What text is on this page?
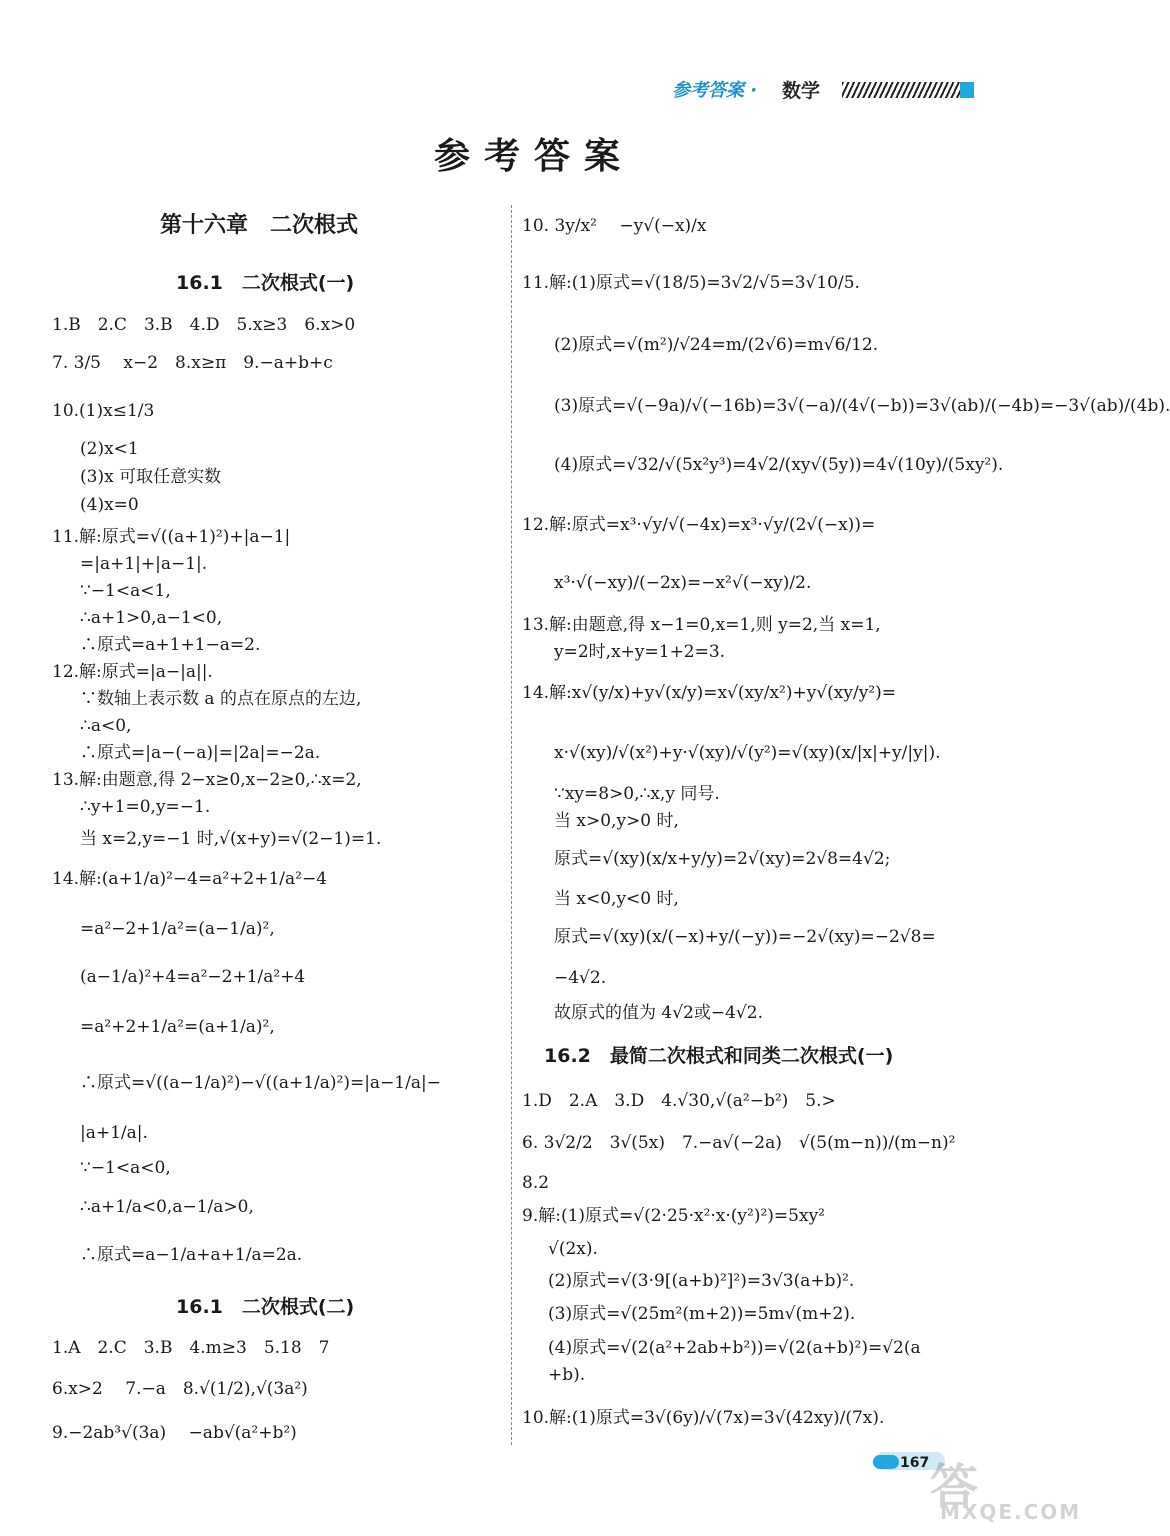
参考答案 · 数学
参考答案
第十六章　二次根式
16.1　二次根式(一)
1.B　2.C　3.B　4.D　5.x≥3　6.x>0
7. 3/5　 x−2　8.x≥π　9.−a+b+c
10.(1)x≤1/3
(2)x<1
(3)x 可取任意实数
(4)x=0
11.解:原式=√((a+1)²)+|a−1|
=|a+1|+|a−1|.
∵−1<a<1,
∴a+1>0,a−1<0,
∴原式=a+1+1−a=2.
12.解:原式=|a−|a||.
∵数轴上表示数 a 的点在原点的左边,
∴a<0,
∴原式=|a−(−a)|=|2a|=−2a.
13.解:由题意,得 2−x≥0,x−2≥0,∴x=2,
∴y+1=0,y=−1.
当 x=2,y=−1 时,√(x+y)=√(2−1)=1.
14.解:(a+1/a)²−4=a²+2+1/a²−4
=a²−2+1/a²=(a−1/a)²,
(a−1/a)²+4=a²−2+1/a²+4
=a²+2+1/a²=(a+1/a)²,
∴原式=√((a−1/a)²)−√((a+1/a)²)=|a−1/a|−
|a+1/a|.
∵−1<a<0,
∴a+1/a<0,a−1/a>0,
∴原式=a−1/a+a+1/a=2a.
16.1　二次根式(二)
1.A　2.C　3.B　4.m≥3　5.18　7
6.x>2　 7.−a　8.√(1/2),√(3a²)
9.−2ab³√(3a)　 −ab√(a²+b²)
10. 3y/x²　 −y√(−x)/x
11.解:(1)原式=√(18/5)=3√2/√5=3√10/5.
(2)原式=√(m²)/√24=m/(2√6)=m√6/12.
(3)原式=√(−9a)/√(−16b)=3√(−a)/(4√(−b))=3√(ab)/(−4b)=−3√(ab)/(4b).
(4)原式=√32/√(5x²y³)=4√2/(xy√(5y))=4√(10y)/(5xy²).
12.解:原式=x³·√y/√(−4x)=x³·√y/(2√(−x))=
x³·√(−xy)/(−2x)=−x²√(−xy)/2.
13.解:由题意,得 x−1=0,x=1,则 y=2,当 x=1,
y=2时,x+y=1+2=3.
14.解:x√(y/x)+y√(x/y)=x√(xy/x²)+y√(xy/y²)=
x·√(xy)/√(x²)+y·√(xy)/√(y²)=√(xy)(x/|x|+y/|y|).
∵xy=8>0,∴x,y 同号.
当 x>0,y>0 时,
原式=√(xy)(x/x+y/y)=2√(xy)=2√8=4√2;
当 x<0,y<0 时,
原式=√(xy)(x/(−x)+y/(−y))=−2√(xy)=−2√8=
−4√2.
故原式的值为 4√2或−4√2.
16.2　最简二次根式和同类二次根式(一)
1.D　2.A　3.D　4.√30,√(a²−b²)　5.>
6. 3√2/2　3√(5x)　7.−a√(−2a)　√(5(m−n))/(m−n)²
8.2
9.解:(1)原式=√(2·25·x²·x·(y²)²)=5xy²
√(2x).
(2)原式=√(3·9[(a+b)²]²)=3√3(a+b)².
(3)原式=√(25m²(m+2))=5m√(m+2).
(4)原式=√(2(a²+2ab+b²))=√(2(a+b)²)=√2(a
+b).
10.解:(1)原式=3√(6y)/√(7x)=3√(42xy)/(7x).
167 答
MXQE.COM
